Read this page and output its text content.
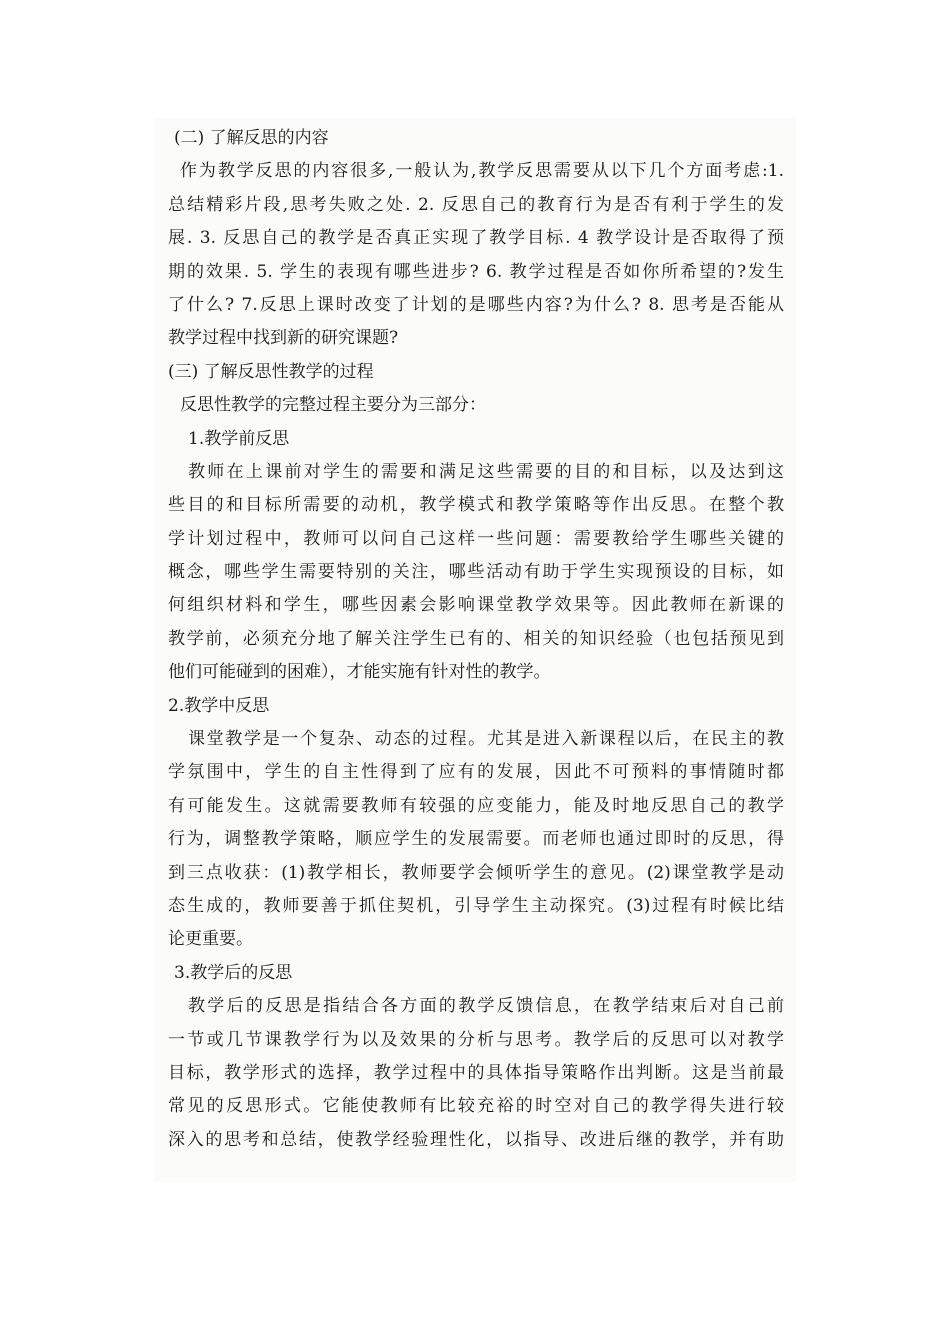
(二) 了解反思的内容
作为教学反思的内容很多,一般认为,教学反思需要从以下几个方面考虑:1.
总结精彩片段,思考失败之处. 2. 反思自己的教育行为是否有利于学生的发
展. 3. 反思自己的教学是否真正实现了教学目标. 4 教学设计是否取得了预
期的效果. 5. 学生的表现有哪些进步? 6. 教学过程是否如你所希望的?发生
了什么? 7.反思上课时改变了计划的是哪些内容?为什么? 8. 思考是否能从
教学过程中找到新的研究课题?
(三) 了解反思性教学的过程
反思性教学的完整过程主要分为三部分：
1.教学前反思
教师在上课前对学生的需要和满足这些需要的目的和目标，以及达到这
些目的和目标所需要的动机，教学模式和教学策略等作出反思。在整个教
学计划过程中，教师可以问自己这样一些问题：需要教给学生哪些关键的
概念，哪些学生需要特别的关注，哪些活动有助于学生实现预设的目标，如
何组织材料和学生，哪些因素会影响课堂教学效果等。因此教师在新课的
教学前，必须充分地了解关注学生已有的、相关的知识经验（也包括预见到
他们可能碰到的困难），才能实施有针对性的教学。
2.教学中反思
课堂教学是一个复杂、动态的过程。尤其是进入新课程以后，在民主的教
学氛围中，学生的自主性得到了应有的发展，因此不可预料的事情随时都
有可能发生。这就需要教师有较强的应变能力，能及时地反思自己的教学
行为，调整教学策略，顺应学生的发展需要。而老师也通过即时的反思，得
到三点收获：(1)教学相长，教师要学会倾听学生的意见。(2)课堂教学是动
态生成的，教师要善于抓住契机，引导学生主动探究。(3)过程有时候比结
论更重要。
3.教学后的反思
教学后的反思是指结合各方面的教学反馈信息，在教学结束后对自己前
一节或几节课教学行为以及效果的分析与思考。教学后的反思可以对教学
目标，教学形式的选择，教学过程中的具体指导策略作出判断。这是当前最
常见的反思形式。它能使教师有比较充裕的时空对自己的教学得失进行较
深入的思考和总结，使教学经验理性化，以指导、改进后继的教学，并有助
